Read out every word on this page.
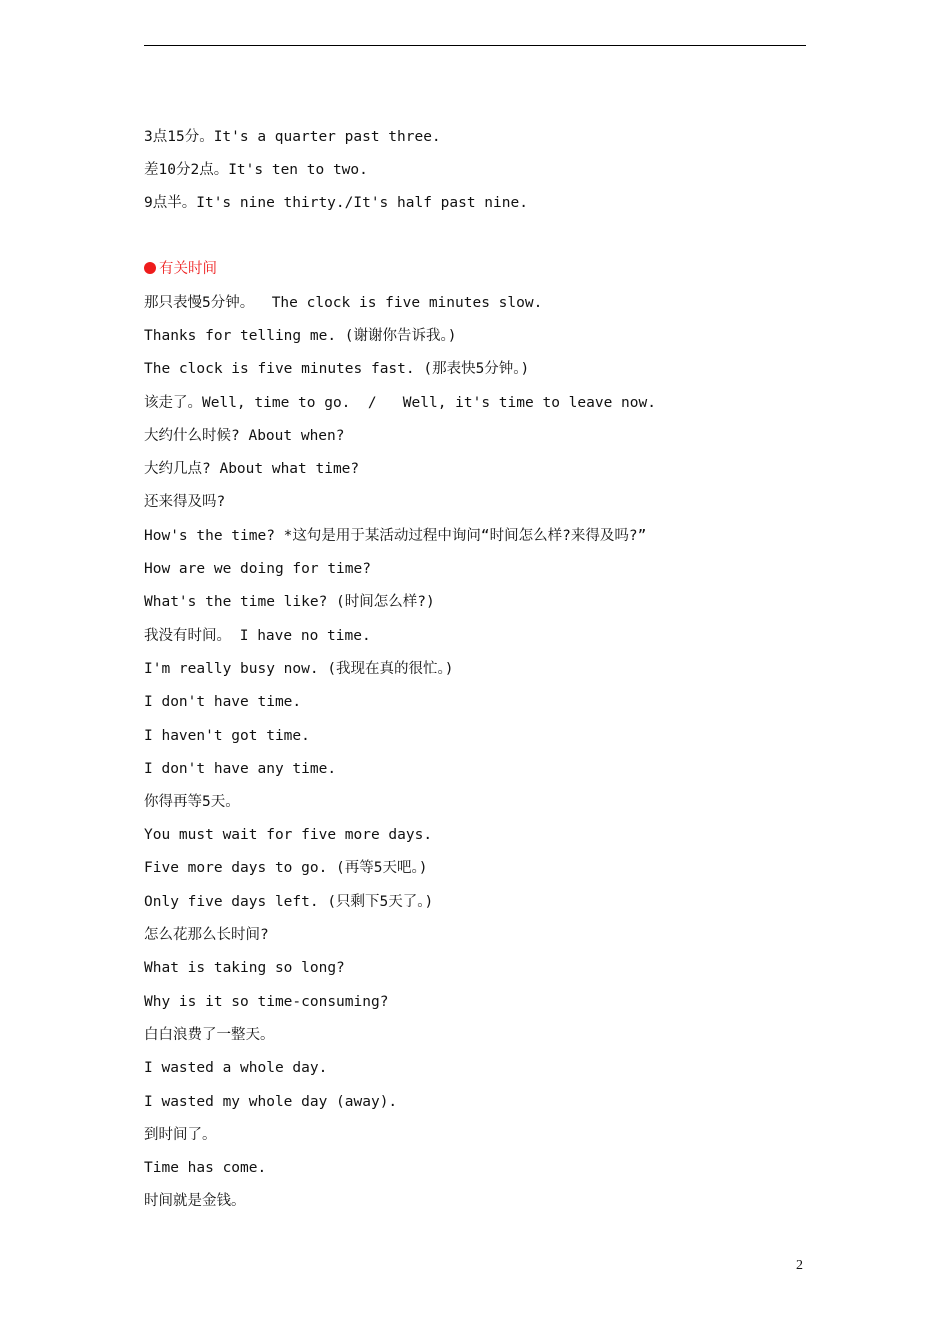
3点15分。It's a quarter past three.
差10分2点。It's ten to two.
9点半。It's nine thirty./It's half past nine.
有关时间
那只表慢5分钟。  The clock is five minutes slow.
Thanks for telling me. (谢谢你告诉我。)
The clock is five minutes fast. (那表快5分钟。)
该走了。Well, time to go.  /   Well, it's time to leave now.
大约什么时候? About when?
大约几点? About what time?
还来得及吗?
How's the time? *这句是用于某活动过程中询问“时间怎么样?来得及吗?”
How are we doing for time?
What's the time like? (时间怎么样?)
我没有时间。 I have no time.
I'm really busy now. (我现在真的很忙。)
I don't have time.
I haven't got time.
I don't have any time.
你得再等5天。
You must wait for five more days.
Five more days to go. (再等5天吧。)
Only five days left. (只剩下5天了。)
怎么花那么长时间?
What is taking so long?
Why is it so time-consuming?
白白浪费了一整天。
I wasted a whole day.
I wasted my whole day (away).
到时间了。
Time has come.
时间就是金钱。
2
